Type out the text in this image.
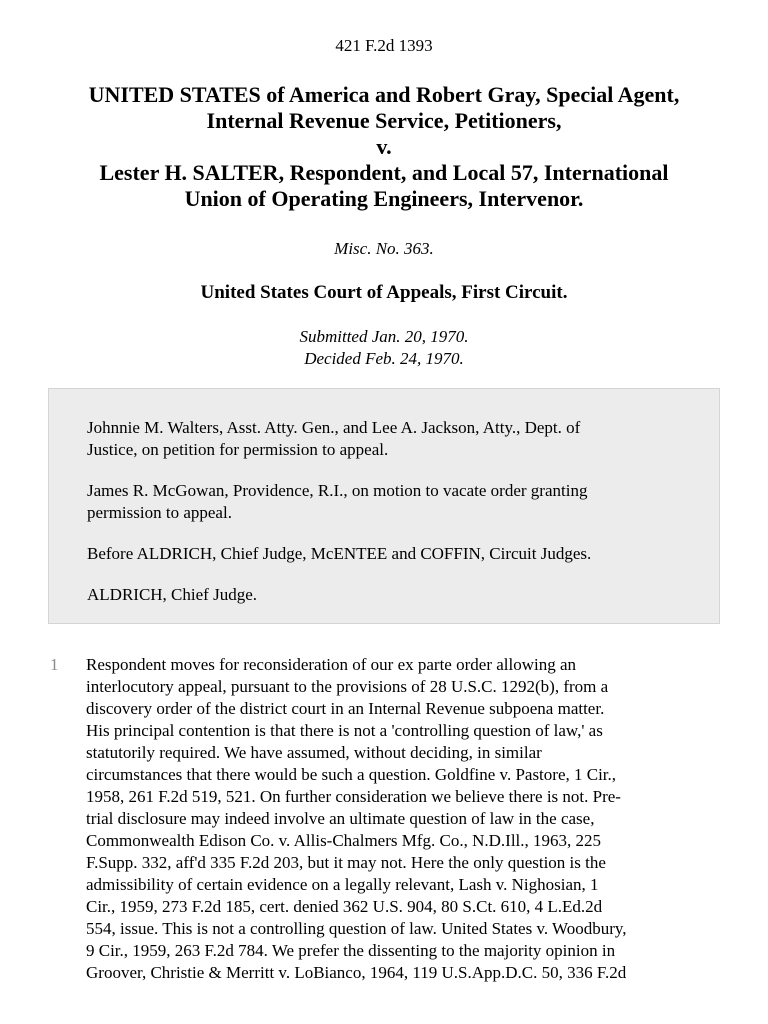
421 F.2d 1393
UNITED STATES of America and Robert Gray, Special Agent,
Internal Revenue Service, Petitioners,
v.
Lester H. SALTER, Respondent, and Local 57, International
Union of Operating Engineers, Intervenor.
Misc. No. 363.
United States Court of Appeals, First Circuit.
Submitted Jan. 20, 1970.
Decided Feb. 24, 1970.

Johnnie M. Walters, Asst. Atty. Gen., and Lee A. Jackson, Atty., Dept. of
Justice, on petition for permission to appeal.

James R. McGowan, Providence, R.I., on motion to vacate order granting
permission to appeal.

Before ALDRICH, Chief Judge, McENTEE and COFFIN, Circuit Judges.

ALDRICH, Chief Judge.

1 Respondent moves for reconsideration of our ex parte order allowing an
interlocutory appeal, pursuant to the provisions of 28 U.S.C. 1292(b), from a
discovery order of the district court in an Internal Revenue subpoena matter.
His principal contention is that there is not a 'controlling question of law,' as
statutorily required. We have assumed, without deciding, in similar
circumstances that there would be such a question. Goldfine v. Pastore, 1 Cir.,
1958, 261 F.2d 519, 521. On further consideration we believe there is not. Pre-
trial disclosure may indeed involve an ultimate question of law in the case,
Commonwealth Edison Co. v. Allis-Chalmers Mfg. Co., N.D.Ill., 1963, 225
F.Supp. 332, aff'd 335 F.2d 203, but it may not. Here the only question is the
admissibility of certain evidence on a legally relevant, Lash v. Nighosian, 1
Cir., 1959, 273 F.2d 185, cert. denied 362 U.S. 904, 80 S.Ct. 610, 4 L.Ed.2d
554, issue. This is not a controlling question of law. United States v. Woodbury,
9 Cir., 1959, 263 F.2d 784. We prefer the dissenting to the majority opinion in
Groover, Christie & Merritt v. LoBianco, 1964, 119 U.S.App.D.C. 50, 336 F.2d
